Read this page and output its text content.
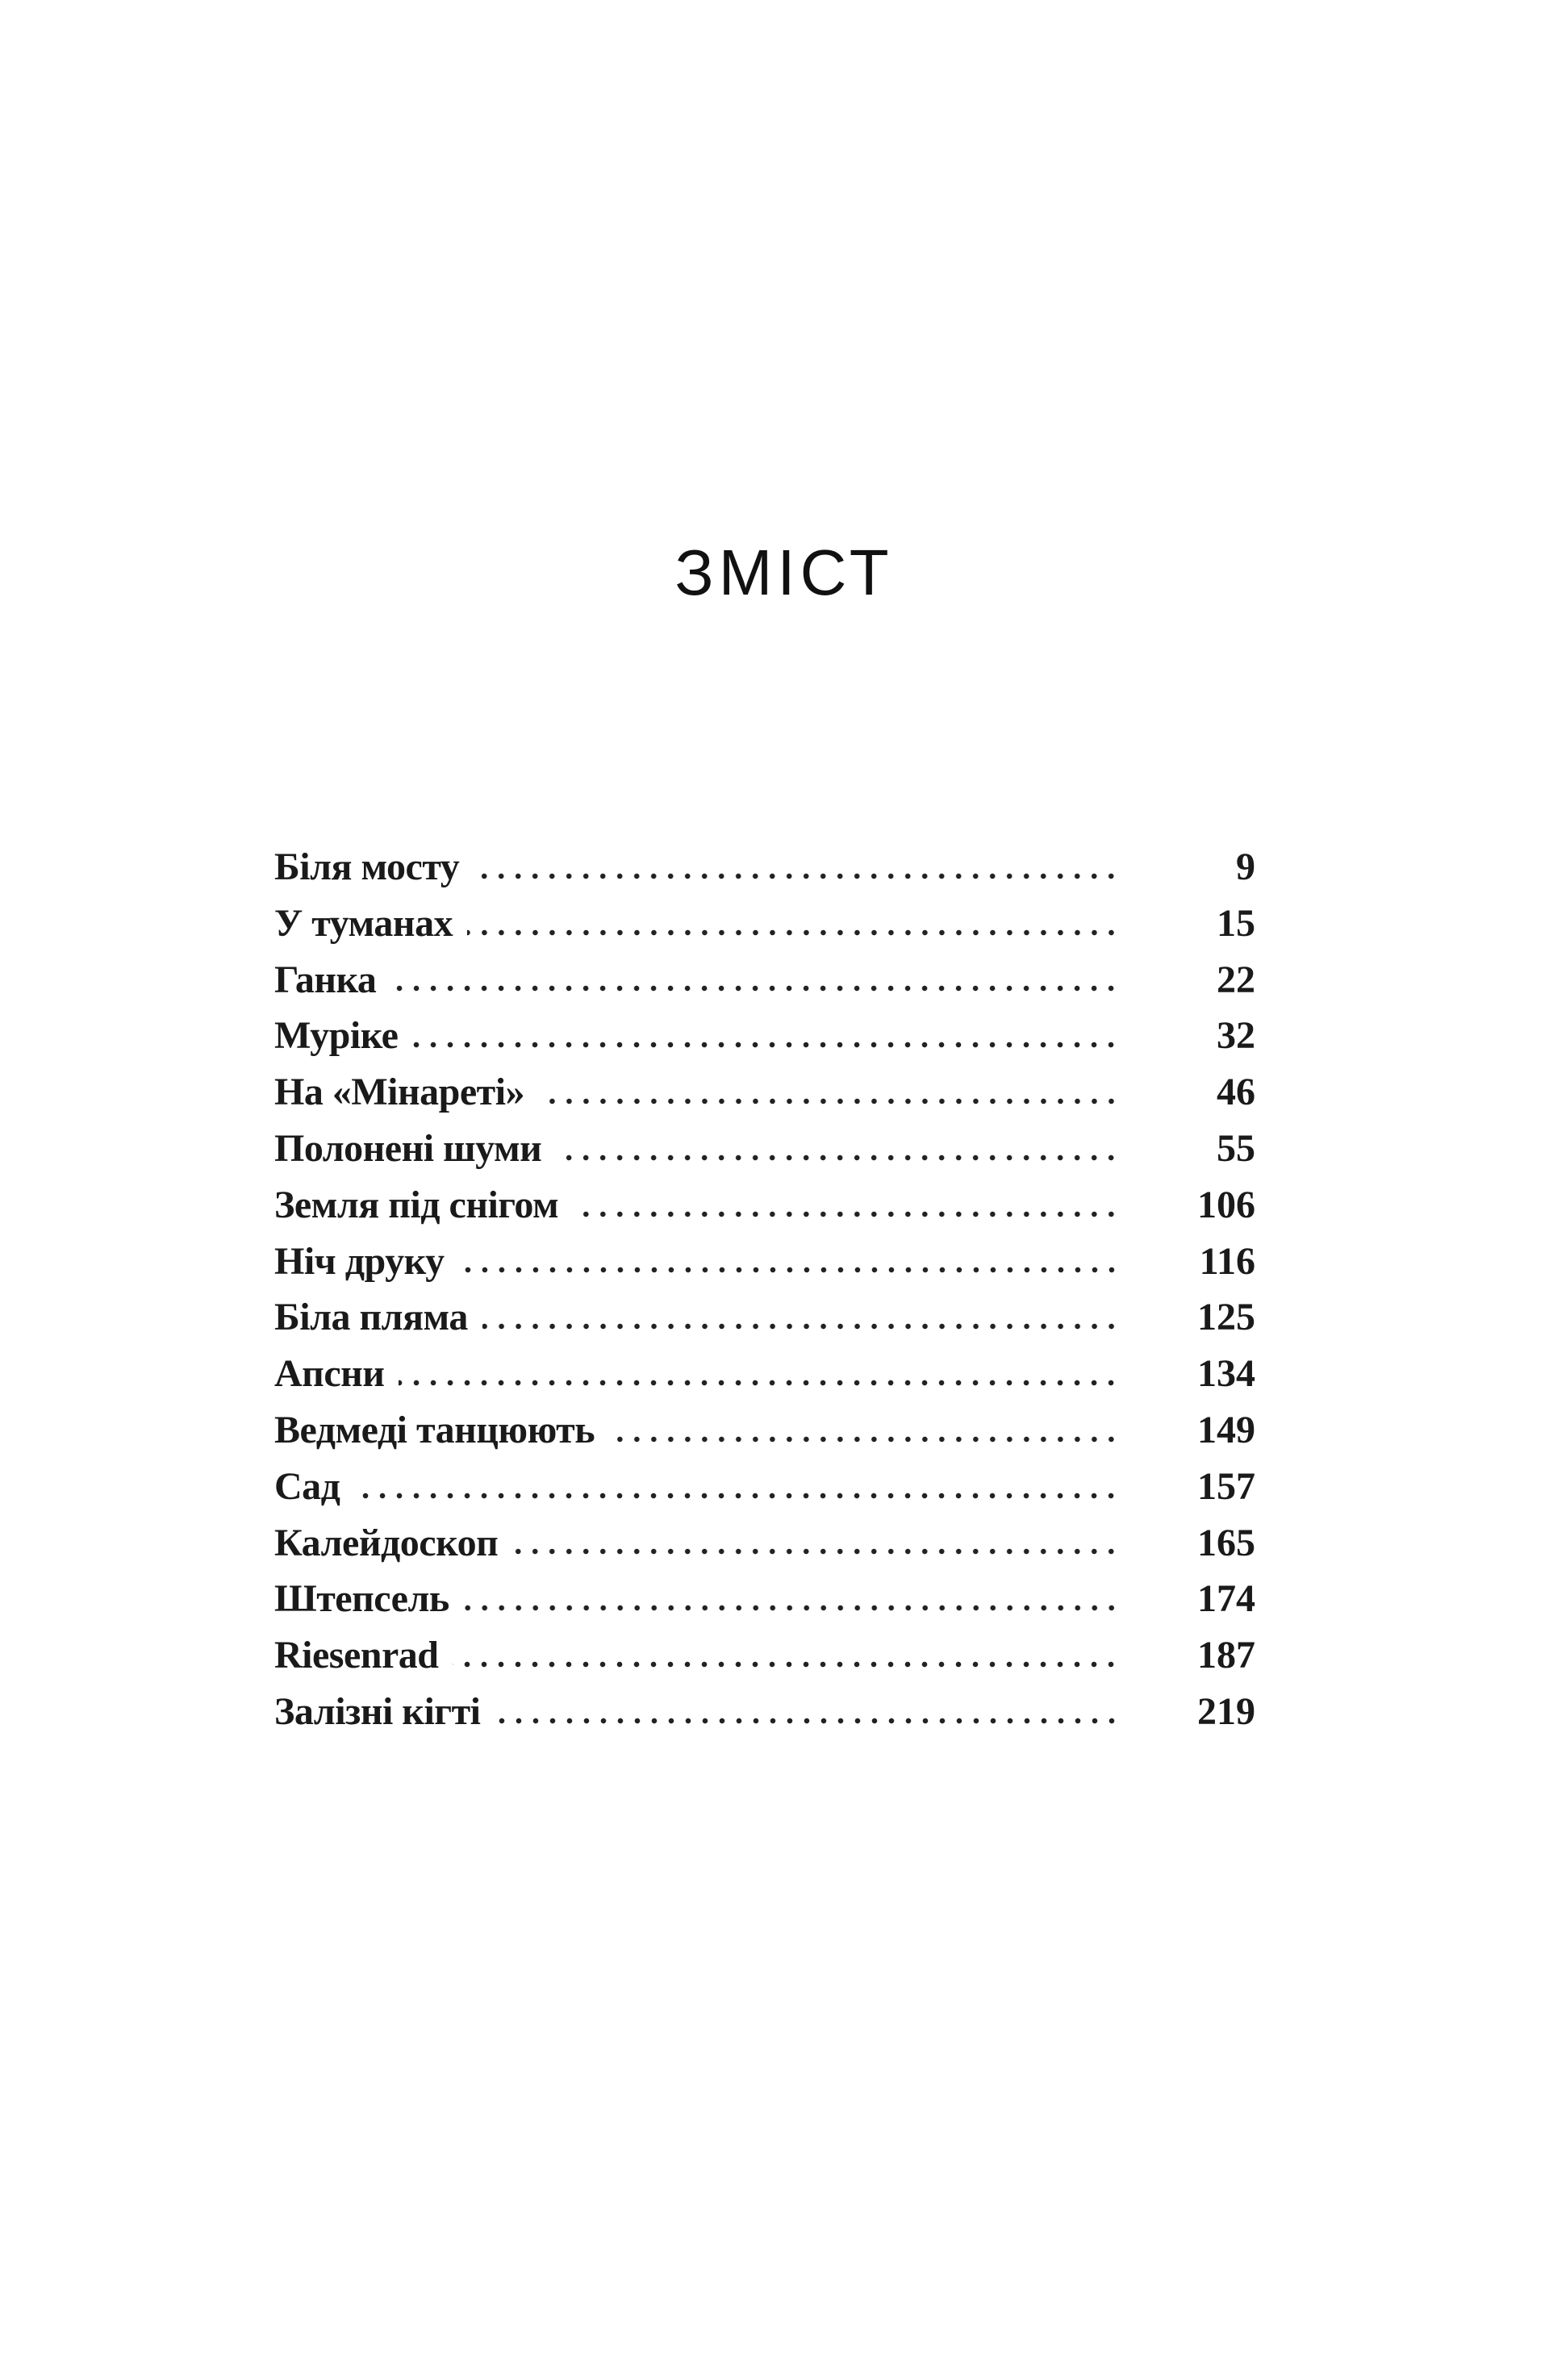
ЗМІСТ
Біля мосту	9
У туманах	15
Ганка	22
Муріке	32
На «Мінареті»	46
Полонені шуми	55
Земля під снігом	106
Ніч друку	116
Біла пляма	125
Апсни	134
Ведмеді танцюють	149
Сад	157
Калейдоскоп	165
Штепсель	174
Riesenrad	187
Залізні кігті	219
